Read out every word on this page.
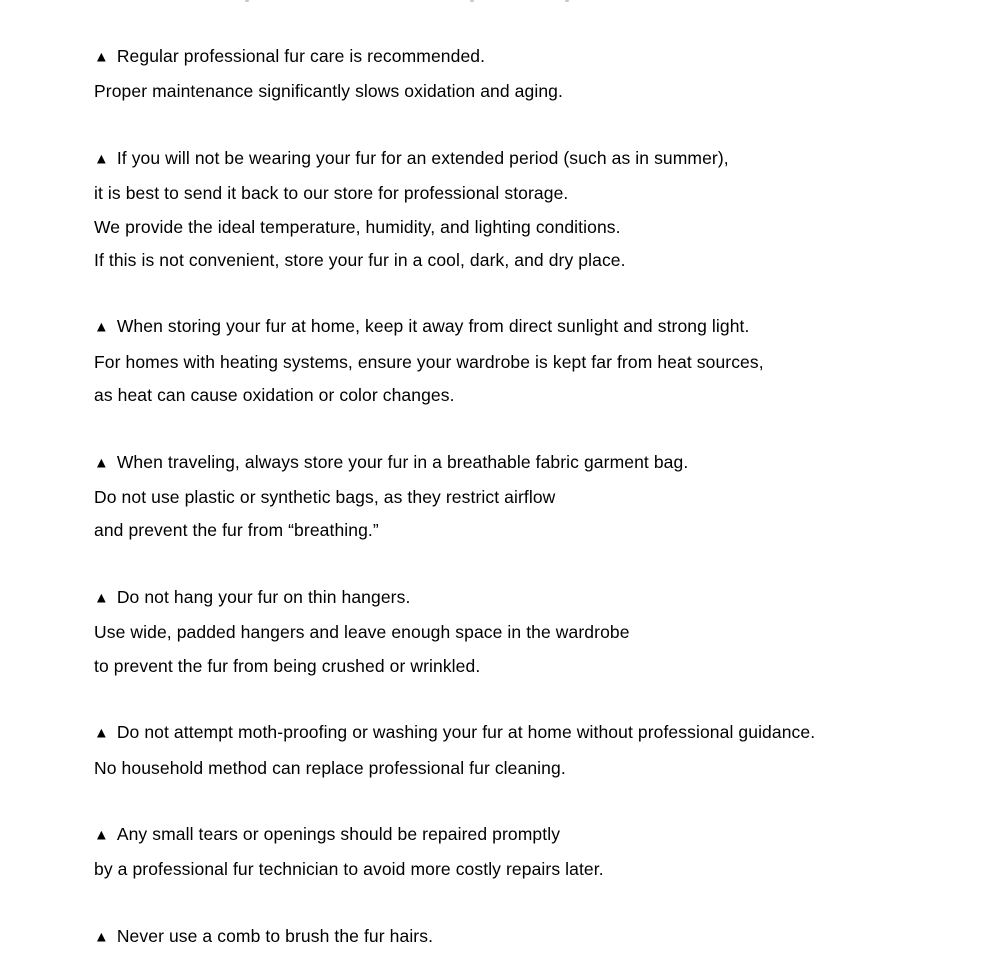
▲ Regular professional fur care is recommended.

Proper maintenance significantly slows oxidation and aging.

▲ If you will not be wearing your fur for an extended period (such as in summer),

it is best to send it back to our store for professional storage.

We provide the ideal temperature, humidity, and lighting conditions.

If this is not convenient, store your fur in a cool, dark, and dry place.

▲ When storing your fur at home, keep it away from direct sunlight and strong light.

For homes with heating systems, ensure your wardrobe is kept far from heat sources,

as heat can cause oxidation or color changes.

▲ When traveling, always store your fur in a breathable fabric garment bag.

Do not use plastic or synthetic bags, as they restrict airflow

and prevent the fur from “breathing.”

▲ Do not hang your fur on thin hangers.

Use wide, padded hangers and leave enough space in the wardrobe

to prevent the fur from being crushed or wrinkled.

▲ Do not attempt moth-proofing or washing your fur at home without professional guidance.

No household method can replace professional fur cleaning.

▲ Any small tears or openings should be repaired promptly

by a professional fur technician to avoid more costly repairs later.

▲ Never use a comb to brush the fur hairs.
